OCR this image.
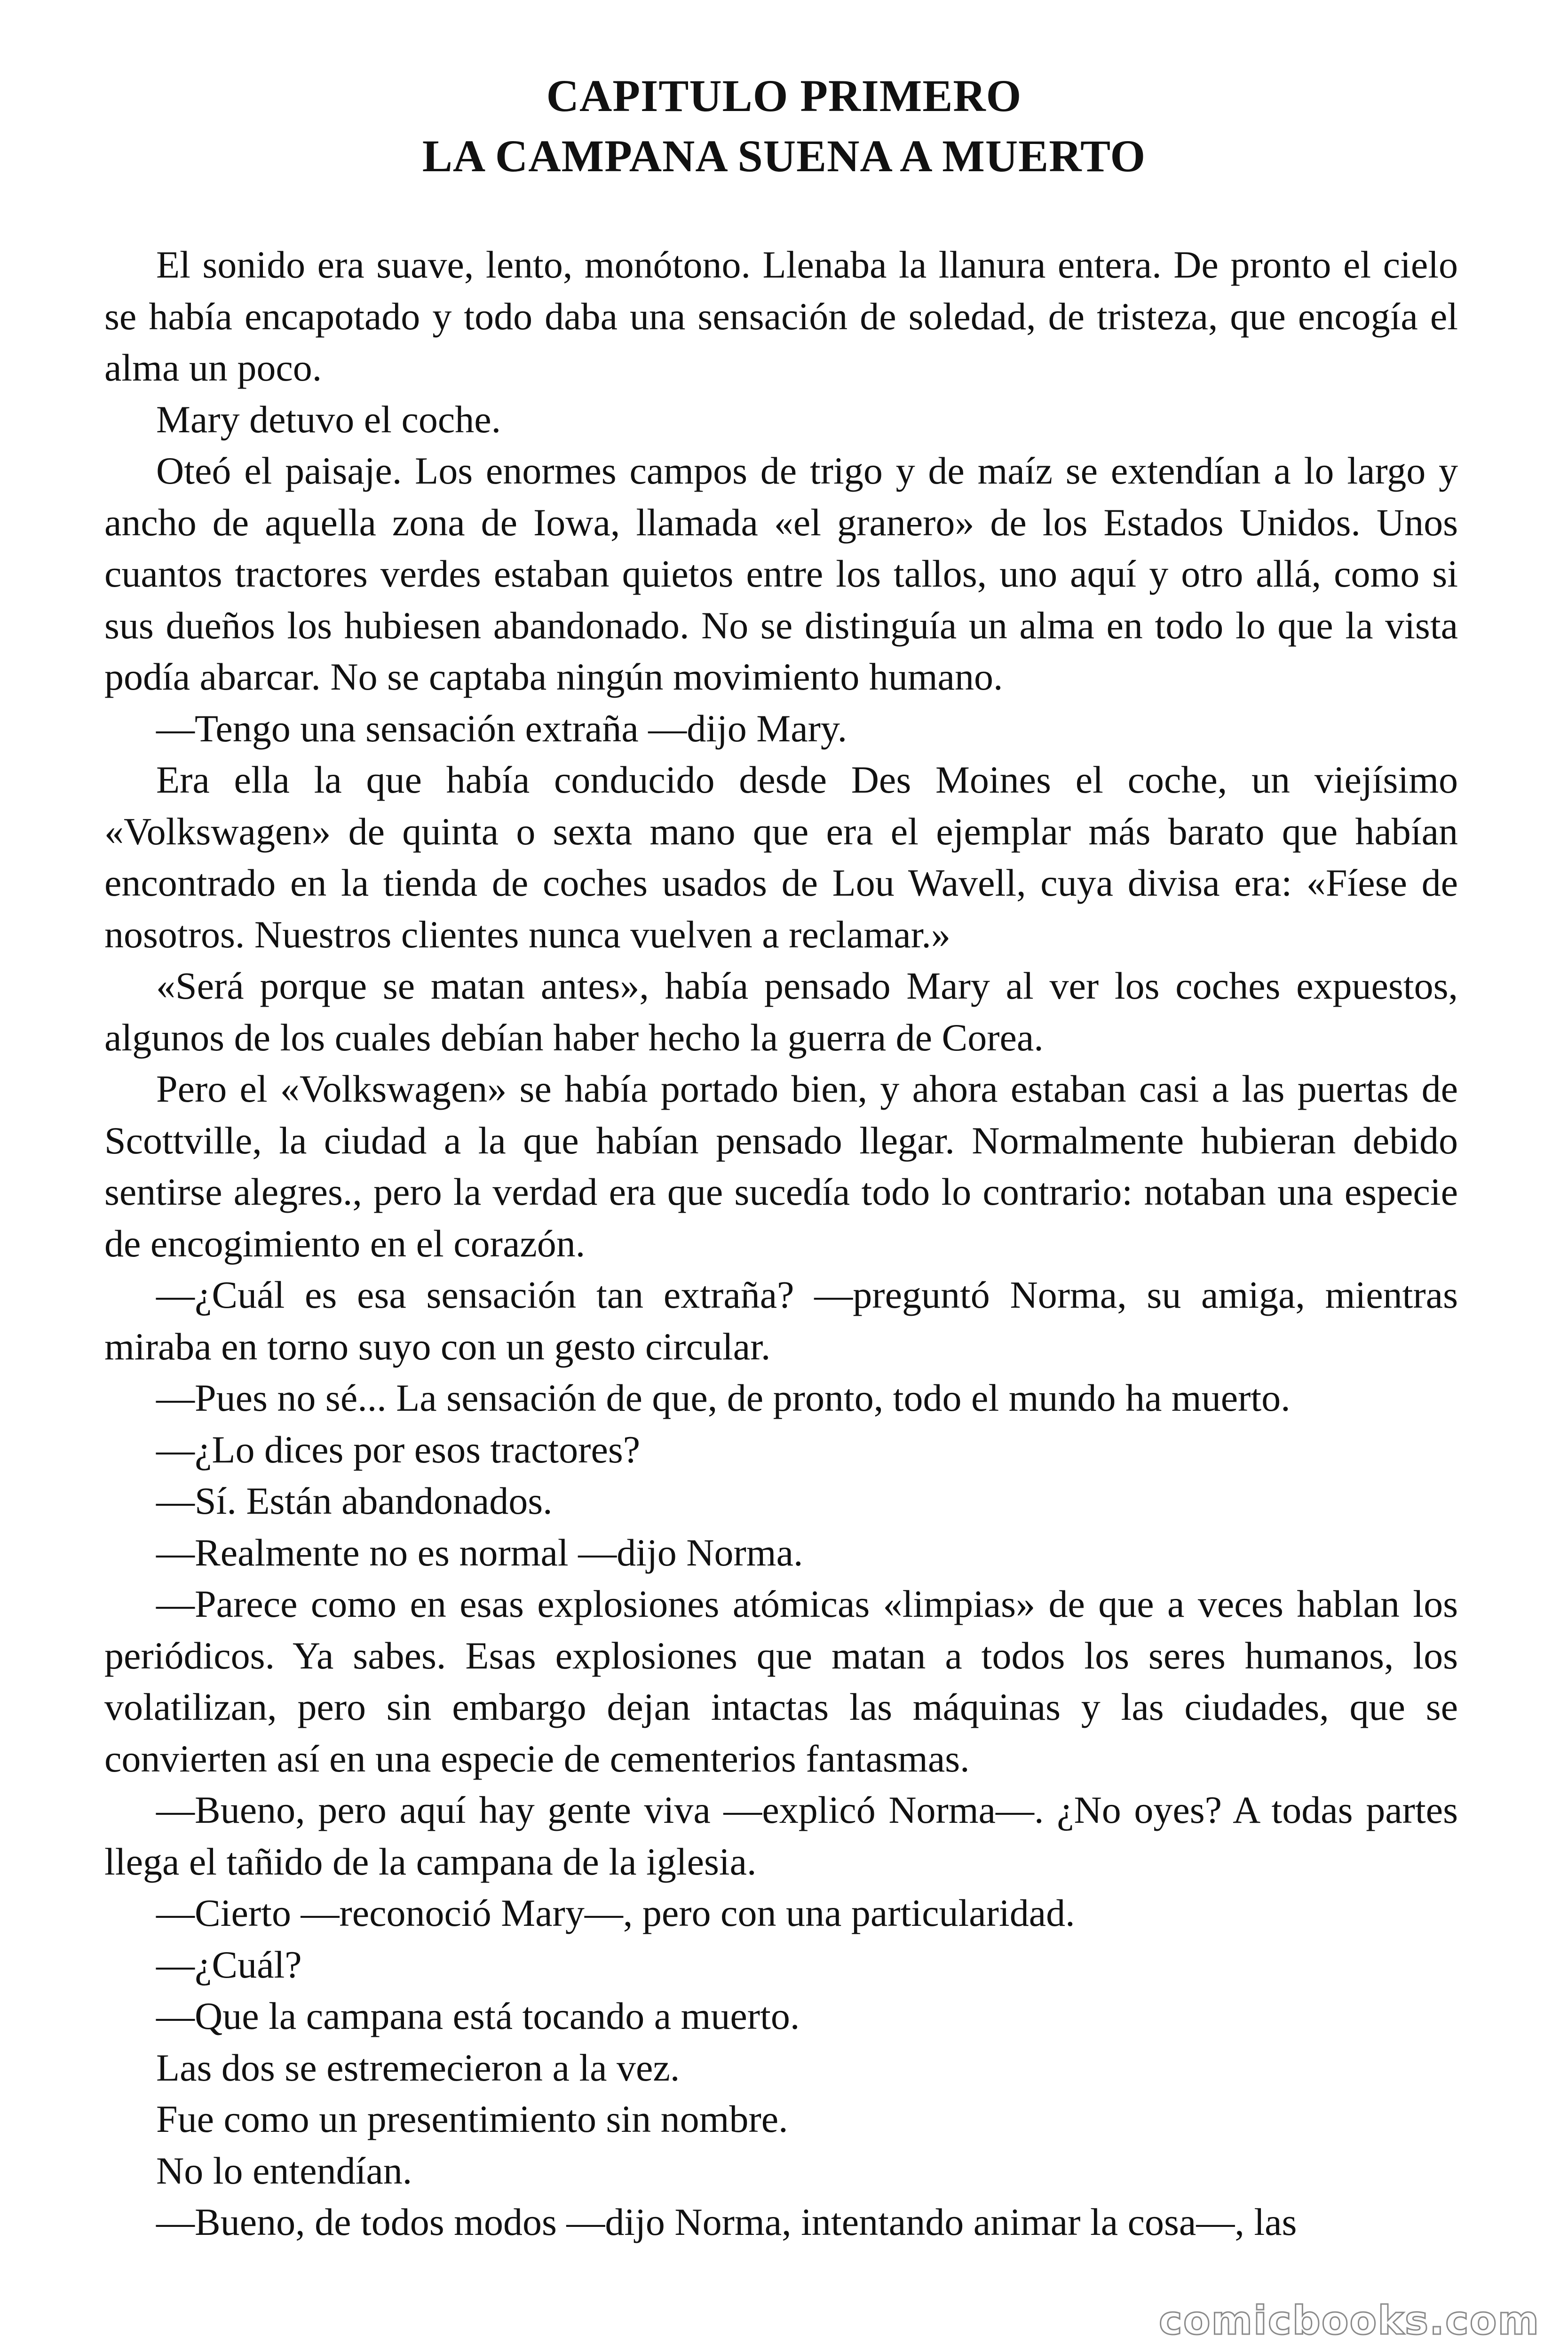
CAPITULO PRIMERO
LA CAMPANA SUENA A MUERTO

El sonido era suave, lento, monótono. Llenaba la llanura entera. De pronto el cielo se había encapotado y todo daba una sensación de soledad, de tristeza, que encogía el alma un poco.

Mary detuvo el coche.

Oteó el paisaje. Los enormes campos de trigo y de maíz se extendían a lo largo y ancho de aquella zona de Iowa, llamada «el granero» de los Estados Unidos. Unos cuantos tractores verdes estaban quietos entre los tallos, uno aquí y otro allá, como si sus dueños los hubiesen abandonado. No se distinguía un alma en todo lo que la vista podía abarcar. No se captaba ningún movimiento humano.

—Tengo una sensación extraña —dijo Mary.

Era ella la que había conducido desde Des Moines el coche, un viejísimo «Volkswagen» de quinta o sexta mano que era el ejemplar más barato que habían encontrado en la tienda de coches usados de Lou Wavell, cuya divisa era: «Fíese de nosotros. Nuestros clientes nunca vuelven a reclamar.»

«Será porque se matan antes», había pensado Mary al ver los coches expuestos, algunos de los cuales debían haber hecho la guerra de Corea.

Pero el «Volkswagen» se había portado bien, y ahora estaban casi a las puertas de Scottville, la ciudad a la que habían pensado llegar. Normalmente hubieran debido sentirse alegres., pero la verdad era que sucedía todo lo contrario: notaban una especie de encogimiento en el corazón.

—¿Cuál es esa sensación tan extraña? —preguntó Norma, su amiga, mientras miraba en torno suyo con un gesto circular.

—Pues no sé... La sensación de que, de pronto, todo el mundo ha muerto.

—¿Lo dices por esos tractores?

—Sí. Están abandonados.

—Realmente no es normal —dijo Norma.

—Parece como en esas explosiones atómicas «limpias» de que a veces hablan los periódicos. Ya sabes. Esas explosiones que matan a todos los seres humanos, los volatilizan, pero sin embargo dejan intactas las máquinas y las ciudades, que se convierten así en una especie de cementerios fantasmas.

—Bueno, pero aquí hay gente viva —explicó Norma—. ¿No oyes? A todas partes llega el tañido de la campana de la iglesia.

—Cierto —reconoció Mary—, pero con una particularidad.

—¿Cuál?

—Que la campana está tocando a muerto.

Las dos se estremecieron a la vez.

Fue como un presentimiento sin nombre.

No lo entendían.

—Bueno, de todos modos —dijo Norma, intentando animar la cosa—, las

comicbooks.com
